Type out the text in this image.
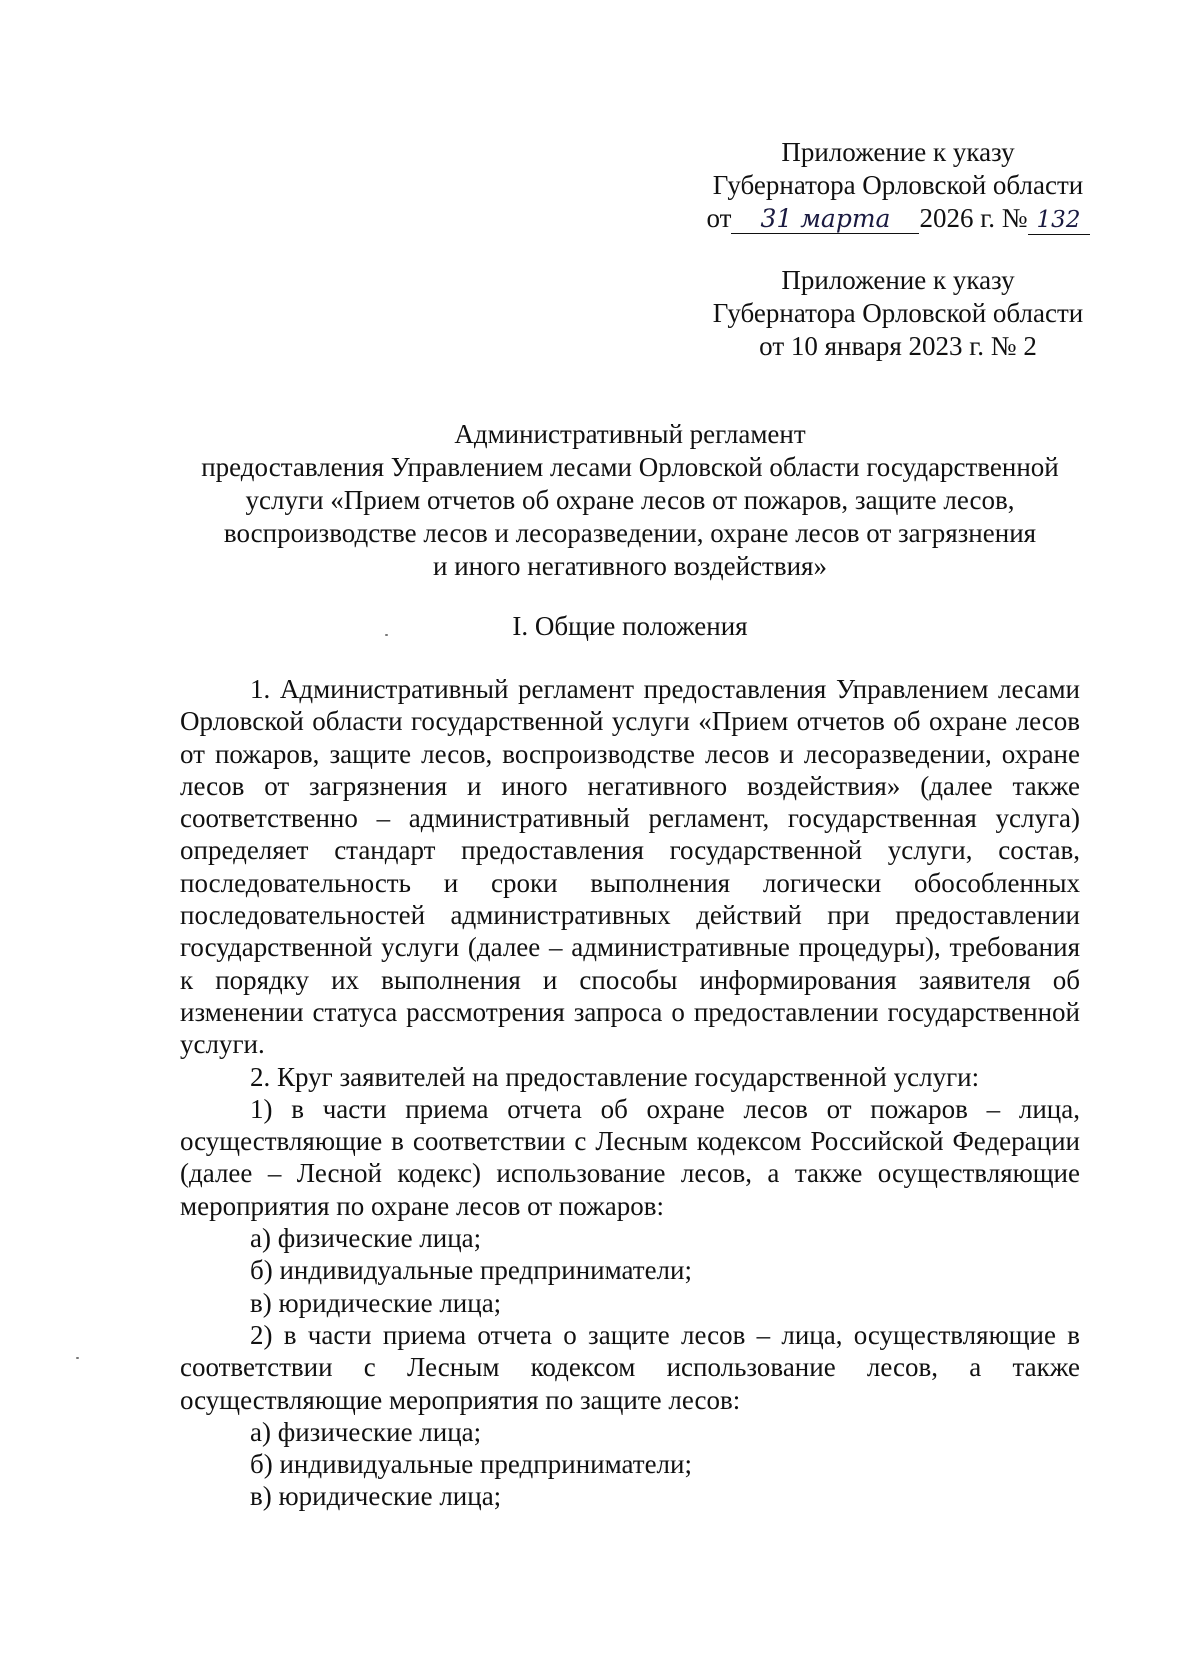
Приложение к указу
Губернатора Орловской области
от 31 марта 2026 г. № 132
Приложение к указу
Губернатора Орловской области
от 10 января 2023 г. № 2
Административный регламент
предоставления Управлением лесами Орловской области государственной
услуги «Прием отчетов об охране лесов от пожаров, защите лесов,
воспроизводстве лесов и лесоразведении, охране лесов от загрязнения
и иного негативного воздействия»
I. Общие положения

1. Административный регламент предоставления Управлением лесами Орловской области государственной услуги «Прием отчетов об охране лесов от пожаров, защите лесов, воспроизводстве лесов и лесоразведении, охране лесов от загрязнения и иного негативного воздействия» (далее также соответственно – административный регламент, государственная услуга) определяет стандарт предоставления государственной услуги, состав, последовательность и сроки выполнения логически обособленных последовательностей административных действий при предоставлении государственной услуги (далее – административные процедуры), требования к порядку их выполнения и способы информирования заявителя об изменении статуса рассмотрения запроса о предоставлении государственной услуги.

2. Круг заявителей на предоставление государственной услуги:

1) в части приема отчета об охране лесов от пожаров – лица, осуществляющие в соответствии с Лесным кодексом Российской Федерации (далее – Лесной кодекс) использование лесов, а также осуществляющие мероприятия по охране лесов от пожаров:

а) физические лица;

б) индивидуальные предприниматели;

в) юридические лица;

2) в части приема отчета о защите лесов – лица, осуществляющие в соответствии с Лесным кодексом использование лесов, а также осуществляющие мероприятия по защите лесов:

а) физические лица;

б) индивидуальные предприниматели;

в) юридические лица;
